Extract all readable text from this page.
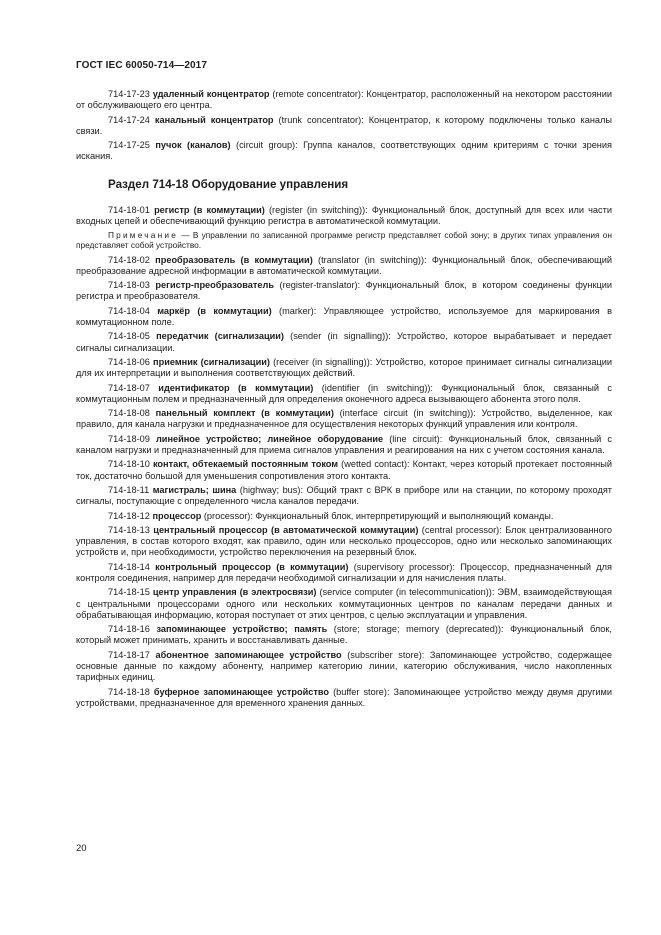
ГОСТ IEC 60050-714—2017

714-17-23 удаленный концентратор (remote concentrator): Концентратор, расположенный на некотором расстоянии от обслуживающего его центра.

714-17-24 канальный концентратор (trunk concentrator): Концентратор, к которому подключены только каналы связи.

714-17-25 пучок (каналов) (circuit group): Группа каналов, соответствующих одним критериям с точки зрения искания.

Раздел 714-18 Оборудование управления

714-18-01 регистр (в коммутации) (register (in switching)): Функциональный блок, доступный для всех или части входных цепей и обеспечивающий функцию регистра в автоматической коммутации.

Примечание — В управлении по записанной программе регистр представляет собой зону; в других типах управления он представляет собой устройство.

714-18-02 преобразователь (в коммутации) (translator (in switching)): Функциональный блок, обеспечивающий преобразование адресной информации в автоматической коммутации.

714-18-03 регистр-преобразователь (register-translator): Функциональный блок, в котором соединены функции регистра и преобразователя.

714-18-04 маркёр (в коммутации) (marker): Управляющее устройство, используемое для маркирования в коммутационном поле.

714-18-05 передатчик (сигнализации) (sender (in signalling)): Устройство, которое вырабатывает и передает сигналы сигнализации.

714-18-06 приемник (сигнализации) (receiver (in signalling)): Устройство, которое принимает сигналы сигнализации для их интерпретации и выполнения соответствующих действий.

714-18-07 идентификатор (в коммутации) (identifier (in switching)): Функциональный блок, связанный с коммутационным полем и предназначенный для определения оконечного адреса вызывающего абонента этого поля.

714-18-08 панельный комплект (в коммутации) (interface circuit (in switching)): Устройство, выделенное, как правило, для канала нагрузки и предназначенное для осуществления некоторых функций управления или контроля.

714-18-09 линейное устройство; линейное оборудование (line circuit): Функциональный блок, связанный с каналом нагрузки и предназначенный для приема сигналов управления и реагирования на них с учетом состояния канала.

714-18-10 контакт, обтекаемый постоянным током (wetted contact): Контакт, через который протекает постоянный ток, достаточно большой для уменьшения сопротивления этого контакта.

714-18-11 магистраль; шина (highway; bus): Общий тракт с ВРК в приборе или на станции, по которому проходят сигналы, поступающие с определенного числа каналов передачи.

714-18-12 процессор (processor): Функциональный блок, интерпретирующий и выполняющий команды.

714-18-13 центральный процессор (в автоматической коммутации) (central processor): Блок централизованного управления, в состав которого входят, как правило, один или несколько процессоров, одно или несколько запоминающих устройств и, при необходимости, устройство переключения на резервный блок.

714-18-14 контрольный процессор (в коммутации) (supervisory processor): Процессор, предназначенный для контроля соединения, например для передачи необходимой сигнализации и для начисления платы.

714-18-15 центр управления (в электросвязи) (service computer (in telecommunication)): ЭВМ, взаимодействующая с центральными процессорами одного или нескольких коммутационных центров по каналам передачи данных и обрабатывающая информацию, которая поступает от этих центров, с целью эксплуатации и управления.

714-18-16 запоминающее устройство; память (store; storage; memory (deprecated)): Функциональный блок, который может принимать, хранить и восстанавливать данные.

714-18-17 абонентное запоминающее устройство (subscriber store): Запоминающее устройство, содержащее основные данные по каждому абоненту, например категорию линии, категорию обслуживания, число накопленных тарифных единиц.

714-18-18 буферное запоминающее устройство (buffer store): Запоминающее устройство между двумя другими устройствами, предназначенное для временного хранения данных.

20
